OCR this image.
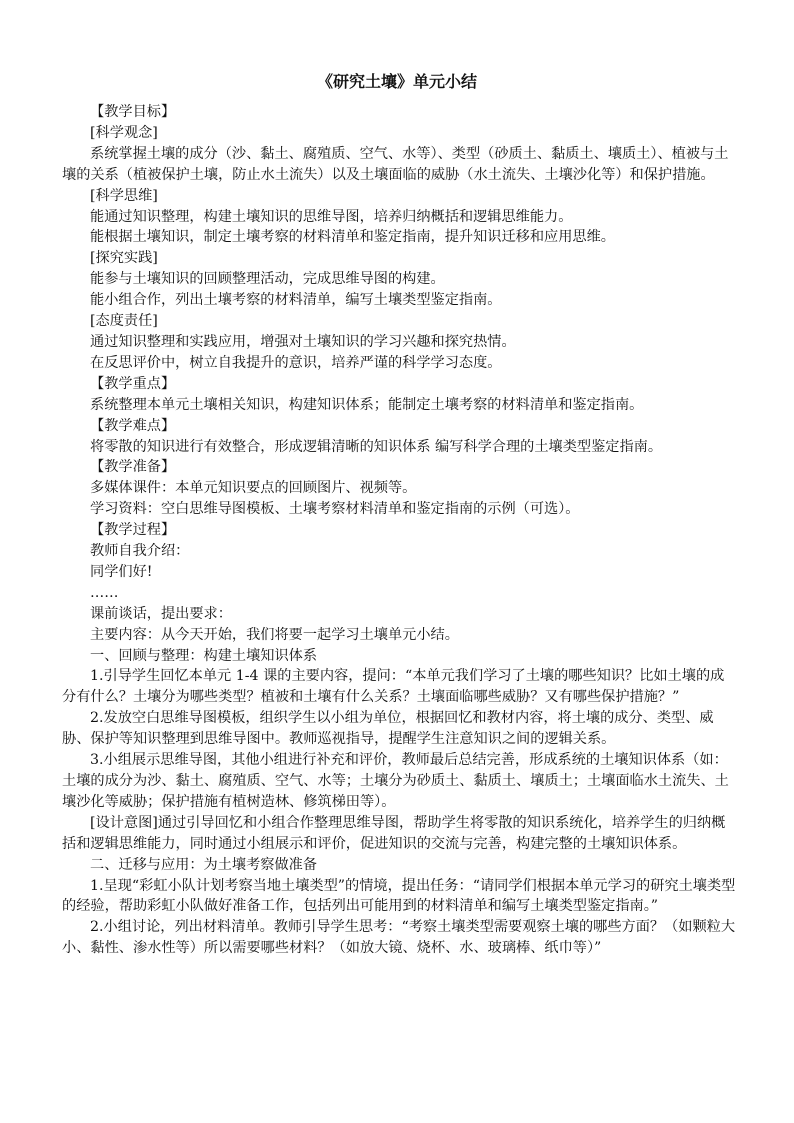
《研究土壤》单元小结

【教学目标】

[科学观念]

系统掌握土壤的成分（沙、黏土、腐殖质、空气、水等）、类型（砂质土、黏质土、壤质土）、植被与土壤的关系（植被保护土壤，防止水土流失）以及土壤面临的威胁（水土流失、土壤沙化等）和保护措施。

[科学思维]

能通过知识整理，构建土壤知识的思维导图，培养归纳概括和逻辑思维能力。

能根据土壤知识，制定土壤考察的材料清单和鉴定指南，提升知识迁移和应用思维。

[探究实践]

能参与土壤知识的回顾整理活动，完成思维导图的构建。

能小组合作，列出土壤考察的材料清单，编写土壤类型鉴定指南。

[态度责任]

通过知识整理和实践应用，增强对土壤知识的学习兴趣和探究热情。

在反思评价中，树立自我提升的意识，培养严谨的科学学习态度。

【教学重点】

系统整理本单元土壤相关知识，构建知识体系；能制定土壤考察的材料清单和鉴定指南。

【教学难点】

将零散的知识进行有效整合，形成逻辑清晰的知识体系 编写科学合理的土壤类型鉴定指南。

【教学准备】

多媒体课件：本单元知识要点的回顾图片、视频等。

学习资料：空白思维导图模板、土壤考察材料清单和鉴定指南的示例（可选）。

【教学过程】

教师自我介绍：

同学们好!

……

课前谈话，提出要求：

主要内容：从今天开始，我们将要一起学习土壤单元小结。

一、回顾与整理：构建土壤知识体系

1.引导学生回忆本单元 1-4 课的主要内容，提问：“本单元我们学习了土壤的哪些知识？比如土壤的成分有什么？土壤分为哪些类型？植被和土壤有什么关系？土壤面临哪些威胁？又有哪些保护措施？”

2.发放空白思维导图模板，组织学生以小组为单位，根据回忆和教材内容，将土壤的成分、类型、威胁、保护等知识整理到思维导图中。教师巡视指导，提醒学生注意知识之间的逻辑关系。

3.小组展示思维导图，其他小组进行补充和评价，教师最后总结完善，形成系统的土壤知识体系（如：土壤的成分为沙、黏土、腐殖质、空气、水等；土壤分为砂质土、黏质土、壤质土；土壤面临水土流失、土壤沙化等威胁；保护措施有植树造林、修筑梯田等）。

[设计意图]通过引导回忆和小组合作整理思维导图，帮助学生将零散的知识系统化，培养学生的归纳概括和逻辑思维能力，同时通过小组展示和评价，促进知识的交流与完善，构建完整的土壤知识体系。

二、迁移与应用：为土壤考察做准备

1.呈现“彩虹小队计划考察当地土壤类型”的情境，提出任务：“请同学们根据本单元学习的研究土壤类型的经验，帮助彩虹小队做好准备工作，包括列出可能用到的材料清单和编写土壤类型鉴定指南。”

2.小组讨论，列出材料清单。教师引导学生思考：“考察土壤类型需要观察土壤的哪些方面？（如颗粒大小、黏性、渗水性等）所以需要哪些材料？（如放大镜、烧杯、水、玻璃棒、纸巾等）”
